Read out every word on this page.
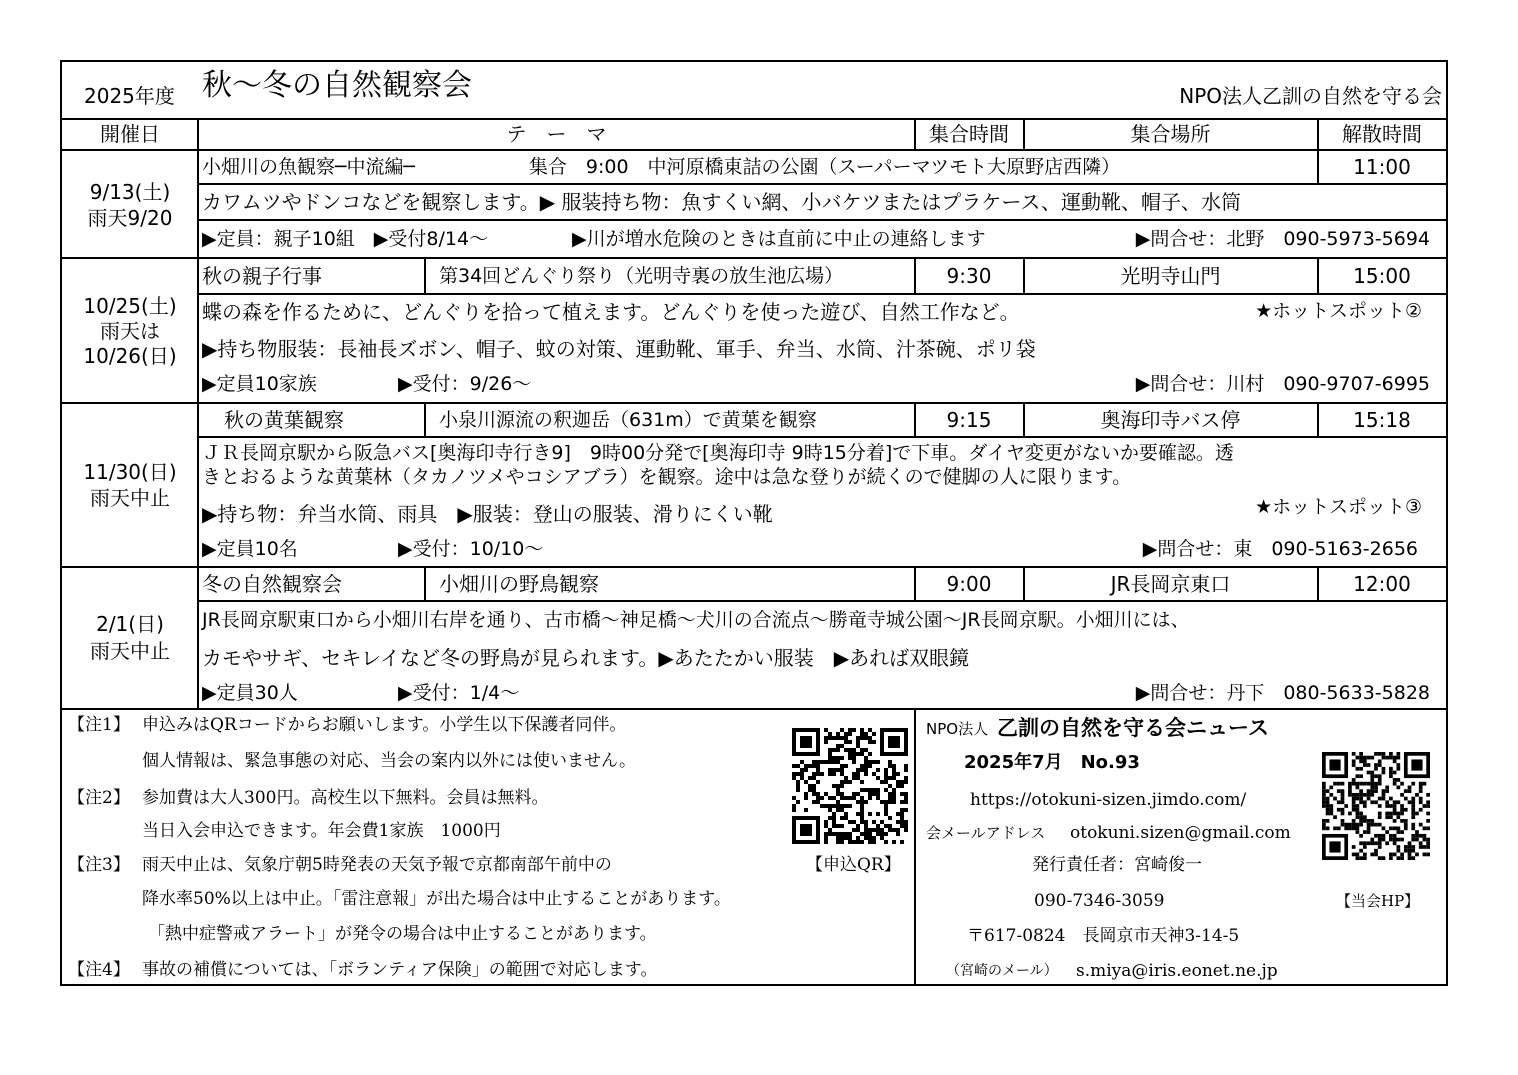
2025年度 秋〜冬の自然観察会	NPO法人乙訓の自然を守る会
開催日	テ　ー　マ	集合時間	集合場所	解散時間
9/13(土)
雨天9/20
小畑川の魚観察─中流編─　　　　　　集合　9:00　中河原橋東詰の公園（スーパーマツモト大原野店西隣）	11:00
カワムツやドンコなどを観察します。▶ 服装持ち物：魚すくい網、小バケツまたはプラケース、運動靴、帽子、水筒
▶定員：親子10組　▶受付8/14〜	▶川が増水危険のときは直前に中止の連絡します	▶問合せ：北野　090-5973-5694
10/25(土)
雨天は
10/26(日)
秋の親子行事	第34回どんぐり祭り（光明寺裏の放生池広場）	9:30	光明寺山門	15:00
蝶の森を作るために、どんぐりを拾って植えます。どんぐりを使った遊び、自然工作など。	★ホットスポット②
▶持ち物服装：長袖長ズボン、帽子、蚊の対策、運動靴、軍手、弁当、水筒、汁茶碗、ポリ袋
▶定員10家族	▶受付：9/26〜	▶問合せ：川村　090-9707-6995
11/30(日)
雨天中止
秋の黄葉観察	小泉川源流の釈迦岳（631m）で黄葉を観察	9:15	奥海印寺バス停	15:18
ＪＲ長岡京駅から阪急バス[奥海印寺行き9]　9時00分発で[奥海印寺 9時15分着]で下車。ダイヤ変更がないか要確認。透
きとおるような黄葉林（タカノツメやコシアブラ）を観察。途中は急な登りが続くので健脚の人に限ります。
▶持ち物：弁当水筒、雨具　▶服装：登山の服装、滑りにくい靴	★ホットスポット③
▶定員10名	▶受付：10/10〜	▶問合せ：東　090-5163-2656
2/1(日)
雨天中止
冬の自然観察会	小畑川の野鳥観察	9:00	JR長岡京東口	12:00
JR長岡京駅東口から小畑川右岸を通り、古市橋〜神足橋〜犬川の合流点〜勝竜寺城公園〜JR長岡京駅。小畑川には、
カモやサギ、セキレイなど冬の野鳥が見られます。▶あたたかい服装　▶あれば双眼鏡
▶定員30人	▶受付：1/4〜	▶問合せ：丹下　080-5633-5828
【注1】 申込みはQRコードからお願いします。小学生以下保護者同伴。
個人情報は、緊急事態の対応、当会の案内以外には使いません。
【注2】 参加費は大人300円。高校生以下無料。会員は無料。
当日入会申込できます。年会費1家族　1000円
【注3】 雨天中止は、気象庁朝5時発表の天気予報で京都南部午前中の	【申込QR】
降水率50%以上は中止。「雷注意報」が出た場合は中止することがあります。
「熱中症警戒アラート」が発令の場合は中止することがあります。
【注4】 事故の補償については、「ボランティア保険」の範囲で対応します。
NPO法人 乙訓の自然を守る会ニュース
2025年7月　No.93
https://otokuni-sizen.jimdo.com/
会メールアドレス otokuni.sizen@gmail.com
発行責任者：宮崎俊一
090-7346-3059	【当会HP】
〒617-0824　長岡京市天神3-14-5
（宮崎のメール） s.miya@iris.eonet.ne.jp
